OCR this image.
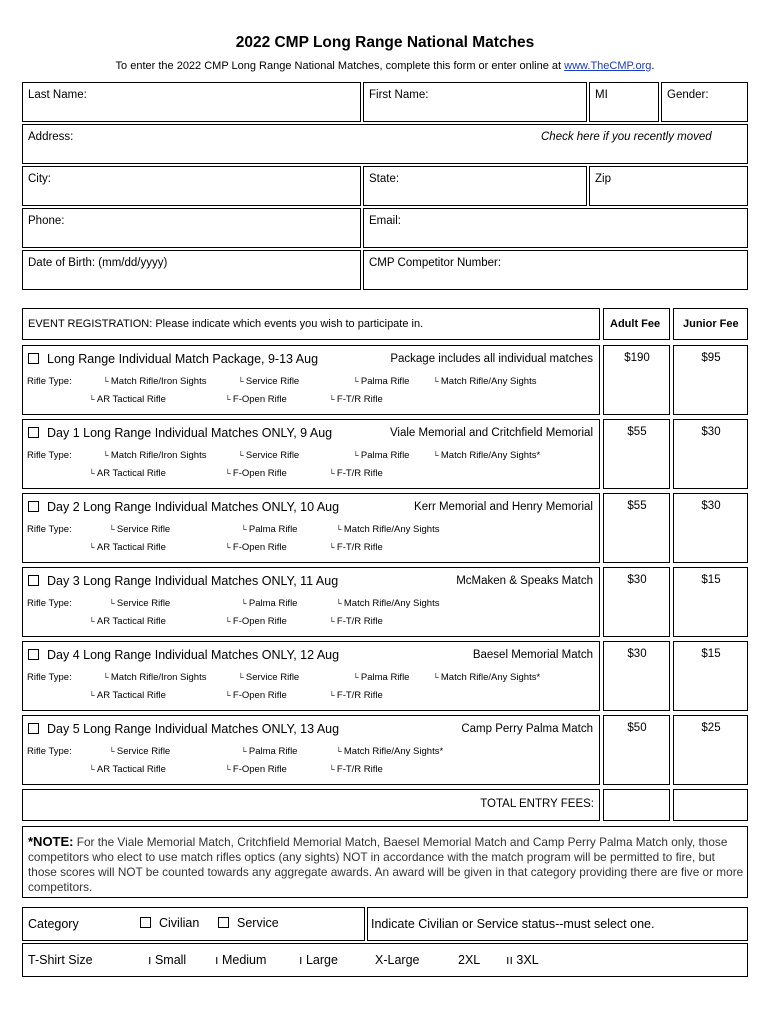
2022 CMP Long Range National Matches
To enter the 2022 CMP Long Range National Matches, complete this form or enter online at www.TheCMP.org.
Last Name:	First Name:	MI	Gender:
Address:	Check here if you recently moved
City:	State:	Zip
Phone:	Email:
Date of Birth: (mm/dd/yyyy)	CMP Competitor Number:
EVENT REGISTRATION: Please indicate which events you wish to participate in.	Adult Fee Junior Fee
Long Range Individual Match Package, 9-13 Aug	Package includes all individual matches
Rifle Type:	└ Match Rifle/Iron Sights	└ Service Rifle	└ Palma Rifle	└ Match Rifle/Any Sights
└ AR Tactical Rifle	└ F-Open Rifle	└ F-T/R Rifle
$190	$95
Day 1 Long Range Individual Matches ONLY, 9 Aug	Viale Memorial and Critchfield Memorial
Rifle Type:	└ Match Rifle/Iron Sights	└ Service Rifle	└ Palma Rifle	└ Match Rifle/Any Sights*
└ AR Tactical Rifle	└ F-Open Rifle	└ F-T/R Rifle
$55	$30
Day 2 Long Range Individual Matches ONLY, 10 Aug	Kerr Memorial and Henry Memorial
Rifle Type:	└ Service Rifle	└ Palma Rifle	└ Match Rifle/Any Sights
└ AR Tactical Rifle	└ F-Open Rifle	└ F-T/R Rifle
$55	$30
Day 3 Long Range Individual Matches ONLY, 11 Aug	McMaken & Speaks Match
Rifle Type:	└ Service Rifle	└ Palma Rifle	└ Match Rifle/Any Sights
└ AR Tactical Rifle	└ F-Open Rifle	└ F-T/R Rifle
$30	$15
Day 4 Long Range Individual Matches ONLY, 12 Aug	Baesel Memorial Match
Rifle Type:	└ Match Rifle/Iron Sights	└ Service Rifle	└ Palma Rifle	└ Match Rifle/Any Sights*
└ AR Tactical Rifle	└ F-Open Rifle	└ F-T/R Rifle
$30	$15
Day 5 Long Range Individual Matches ONLY, 13 Aug	Camp Perry Palma Match
Rifle Type:	└ Service Rifle	└ Palma Rifle	└ Match Rifle/Any Sights*
└ AR Tactical Rifle	└ F-Open Rifle	└ F-T/R Rifle
$50	$25
TOTAL ENTRY FEES:
*NOTE: For the Viale Memorial Match, Critchfield Memorial Match, Baesel Memorial Match and Camp Perry Palma Match only, those competitors who elect to use match rifles optics (any sights) NOT in accordance with the match program will be permitted to fire, but those scores will NOT be counted towards any aggregate awards. An award will be given in that category providing there are five or more competitors.
Category	Civilian	Service	Indicate Civilian or Service status--must select one.
T-Shirt Size	ı Small ı Medium	ı Large	X-Large	2XL ıı 3XL
